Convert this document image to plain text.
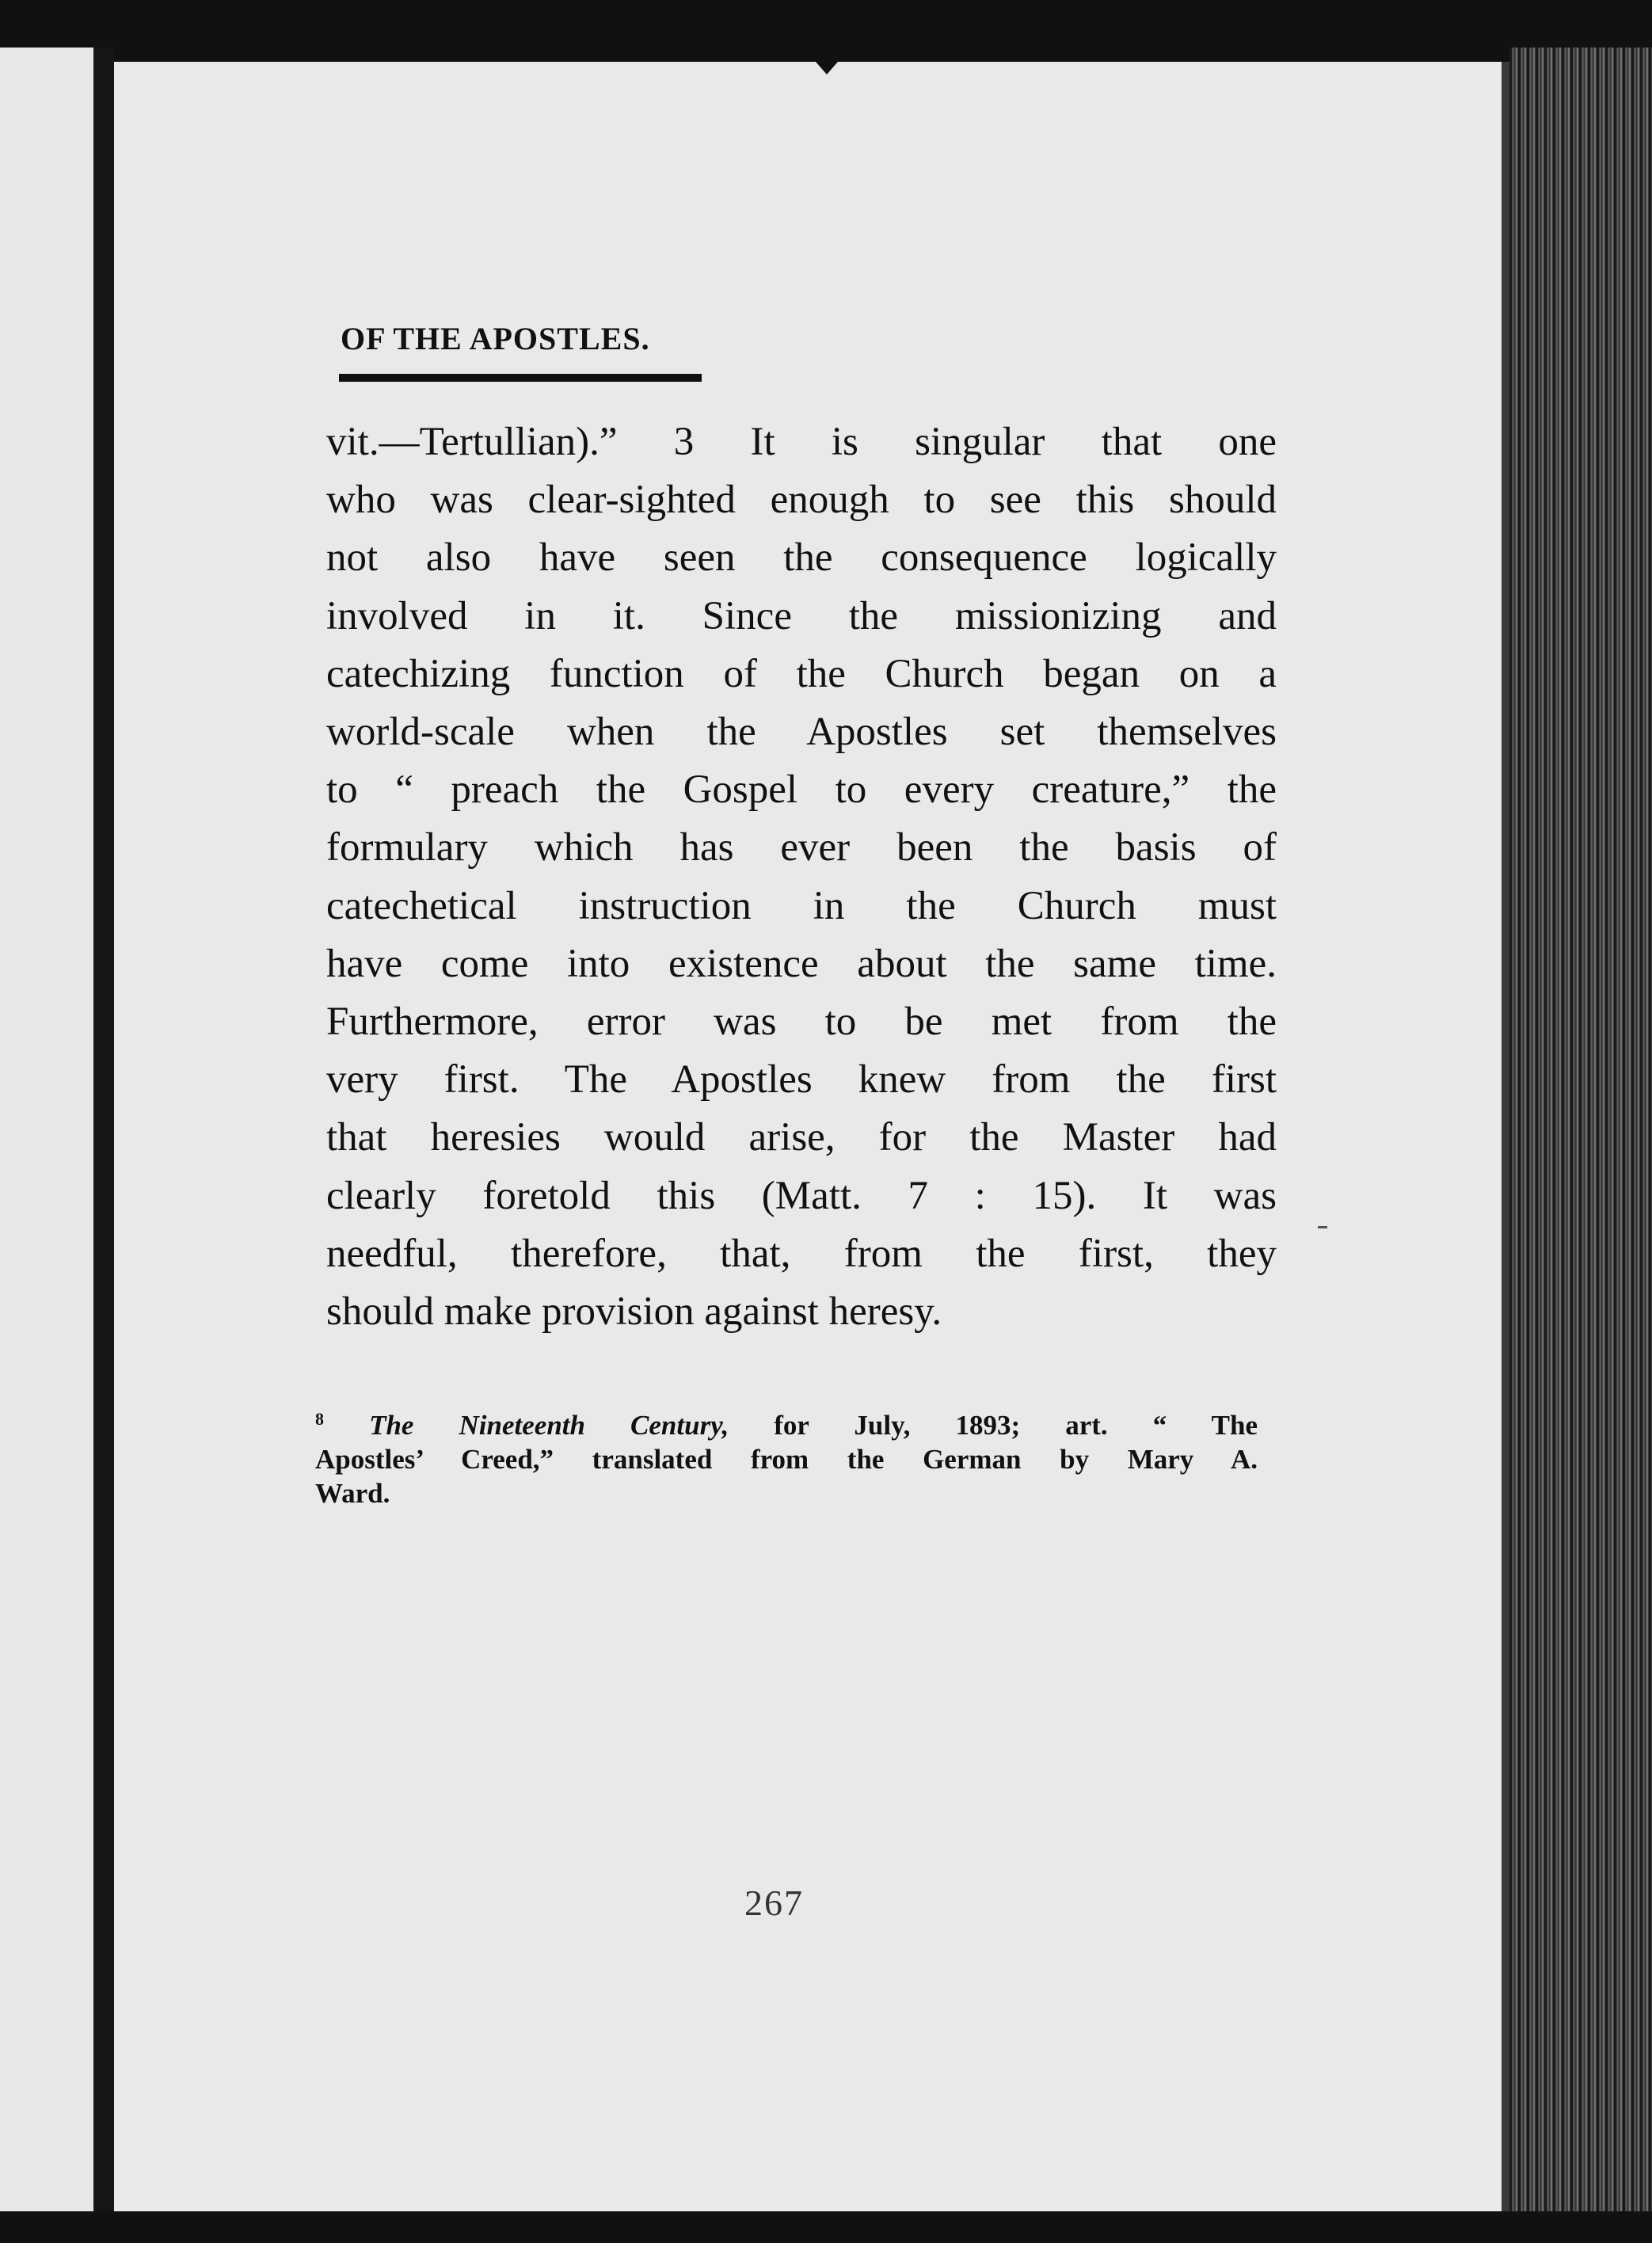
OF THE APOSTLES.
vit.—Tertullian).” 3 It is singular that one
who was clear-sighted enough to see this should
not also have seen the consequence logically
involved in it. Since the missionizing and
catechizing function of the Church began on a
world-scale when the Apostles set themselves
to “ preach the Gospel to every creature,” the
formulary which has ever been the basis of
catechetical instruction in the Church must
have come into existence about the same time.
Furthermore, error was to be met from the
very first. The Apostles knew from the first
that heresies would arise, for the Master had
clearly foretold this (Matt. 7 : 15). It was
needful, therefore, that, from the first, they
should make provision against heresy.
$^8$ The Nineteenth Century, for July, 1893; art. “ The
Apostles’ Creed,” translated from the German by Mary A.
Ward.
267
